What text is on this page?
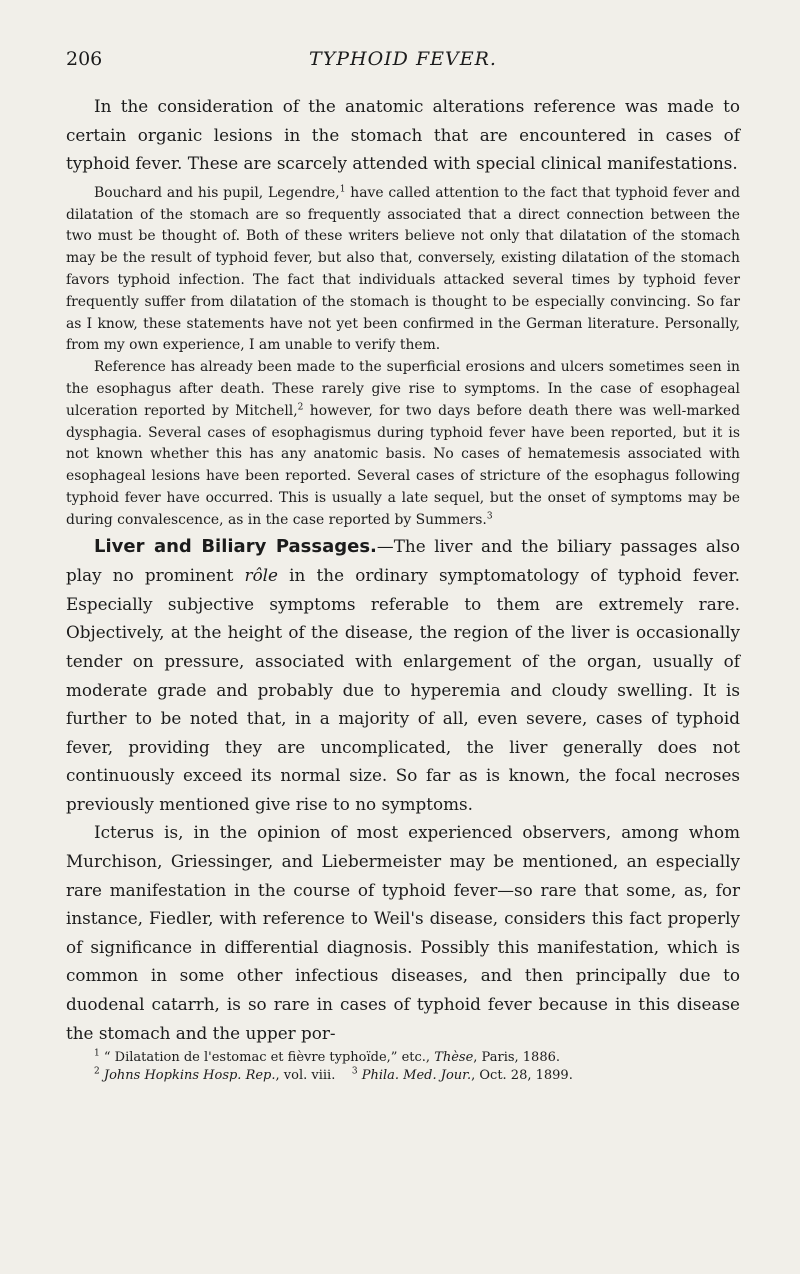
206	TYPHOID FEVER.

In the consideration of the anatomic alterations reference was made to certain organic lesions in the stomach that are encountered in cases of typhoid fever. These are scarcely attended with special clinical manifestations.

Bouchard and his pupil, Legendre,$^1$ have called attention to the fact that typhoid fever and dilatation of the stomach are so frequently associated that a direct connection between the two must be thought of. Both of these writers believe not only that dilatation of the stomach may be the result of typhoid fever, but also that, conversely, existing dilatation of the stomach favors typhoid infection. The fact that individuals attacked several times by typhoid fever frequently suffer from dilatation of the stomach is thought to be especially convincing. So far as I know, these statements have not yet been confirmed in the German literature. Personally, from my own experience, I am unable to verify them.

Reference has already been made to the superficial erosions and ulcers sometimes seen in the esophagus after death. These rarely give rise to symptoms. In the case of esophageal ulceration reported by Mitchell,$^2$ however, for two days before death there was well-marked dysphagia. Several cases of esophagismus during typhoid fever have been reported, but it is not known whether this has any anatomic basis. No cases of hematemesis associated with esophageal lesions have been reported. Several cases of stricture of the esophagus following typhoid fever have occurred. This is usually a late sequel, but the onset of symptoms may be during convalescence, as in the case reported by Summers.$^3$

Liver and Biliary Passages.—The liver and the biliary passages also play no prominent rôle in the ordinary symptomatology of typhoid fever. Especially subjective symptoms referable to them are extremely rare. Objectively, at the height of the disease, the region of the liver is occasionally tender on pressure, associated with enlargement of the organ, usually of moderate grade and probably due to hyperemia and cloudy swelling. It is further to be noted that, in a majority of all, even severe, cases of typhoid fever, providing they are uncomplicated, the liver generally does not continuously exceed its normal size. So far as is known, the focal necroses previously mentioned give rise to no symptoms.

Icterus is, in the opinion of most experienced observers, among whom Murchison, Griessinger, and Liebermeister may be mentioned, an especially rare manifestation in the course of typhoid fever—so rare that some, as, for instance, Fiedler, with reference to Weil's disease, considers this fact properly of significance in differential diagnosis. Possibly this manifestation, which is common in some other infectious diseases, and then principally due to duodenal catarrh, is so rare in cases of typhoid fever because in this disease the stomach and the upper por-

$^1$ “ Dilatation de l'estomac et fièvre typhoïde,” etc., Thèse, Paris, 1886.
$^2$ Johns Hopkins Hosp. Rep., vol. viii. $^3$ Phila. Med. Jour., Oct. 28, 1899.
